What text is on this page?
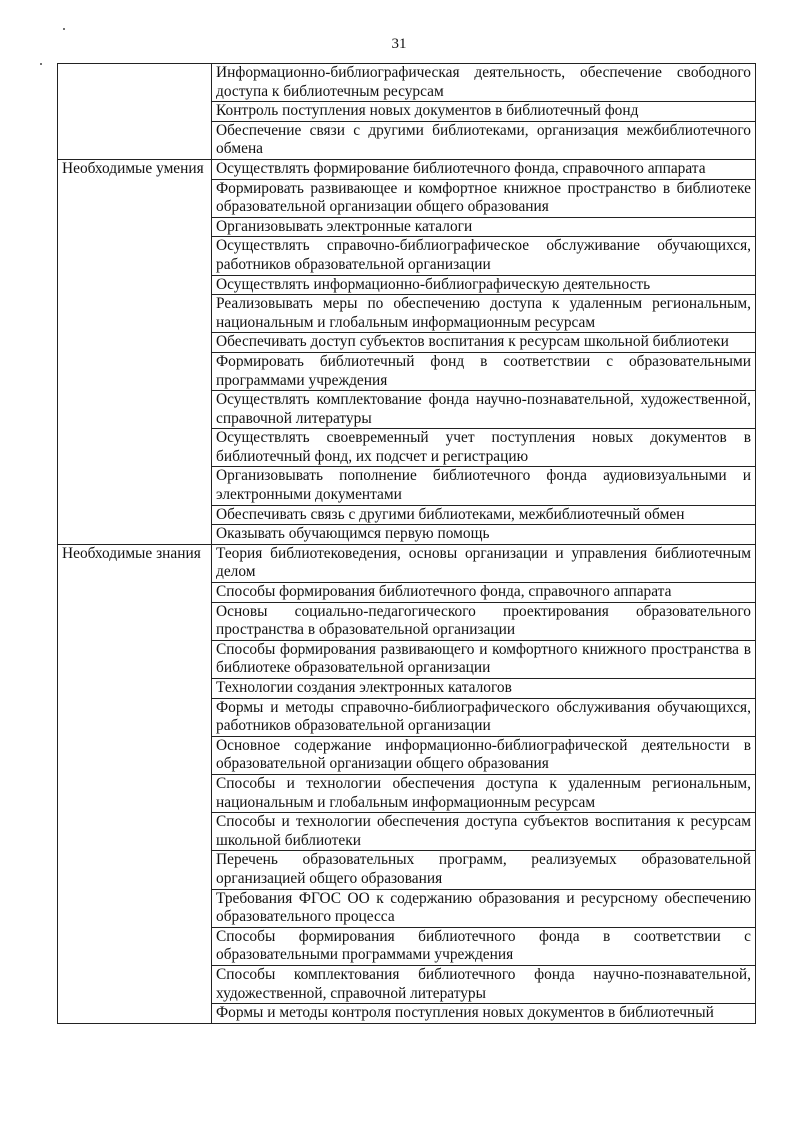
31
	Информационно-библиографическая деятельность, обеспечение свободного доступа к библиотечным ресурсам
	Контроль поступления новых документов в библиотечный фонд
	Обеспечение связи с другими библиотеками, организация межбиблиотечного обмена
Необходимые умения	Осуществлять формирование библиотечного фонда, справочного аппарата
	Формировать развивающее и комфортное книжное пространство в библиотеке образовательной организации общего образования
	Организовывать электронные каталоги
	Осуществлять справочно-библиографическое обслуживание обучающихся, работников образовательной организации
	Осуществлять информационно-библиографическую деятельность
	Реализовывать меры по обеспечению доступа к удаленным региональным, национальным и глобальным информационным ресурсам
	Обеспечивать доступ субъектов воспитания к ресурсам школьной библиотеки
	Формировать библиотечный фонд в соответствии с образовательными программами учреждения
	Осуществлять комплектование фонда научно-познавательной, художественной, справочной литературы
	Осуществлять своевременный учет поступления новых документов в библиотечный фонд, их подсчет и регистрацию
	Организовывать пополнение библиотечного фонда аудиовизуальными и электронными документами
	Обеспечивать связь с другими библиотеками, межбиблиотечный обмен
	Оказывать обучающимся первую помощь
Необходимые знания	Теория библиотековедения, основы организации и управления библиотечным делом
	Способы формирования библиотечного фонда, справочного аппарата
	Основы социально-педагогического проектирования образовательного пространства в образовательной организации
	Способы формирования развивающего и комфортного книжного пространства в библиотеке образовательной организации
	Технологии создания электронных каталогов
	Формы и методы справочно-библиографического обслуживания обучающихся, работников образовательной организации
	Основное содержание информационно-библиографической деятельности в образовательной организации общего образования
	Способы и технологии обеспечения доступа к удаленным региональным, национальным и глобальным информационным ресурсам
	Способы и технологии обеспечения доступа субъектов воспитания к ресурсам школьной библиотеки
	Перечень образовательных программ, реализуемых образовательной организацией общего образования
	Требования ФГОС ОО к содержанию образования и ресурсному обеспечению образовательного процесса
	Способы формирования библиотечного фонда в соответствии с образовательными программами учреждения
	Способы комплектования библиотечного фонда научно-познавательной, художественной, справочной литературы
	Формы и методы контроля поступления новых документов в библиотечный
